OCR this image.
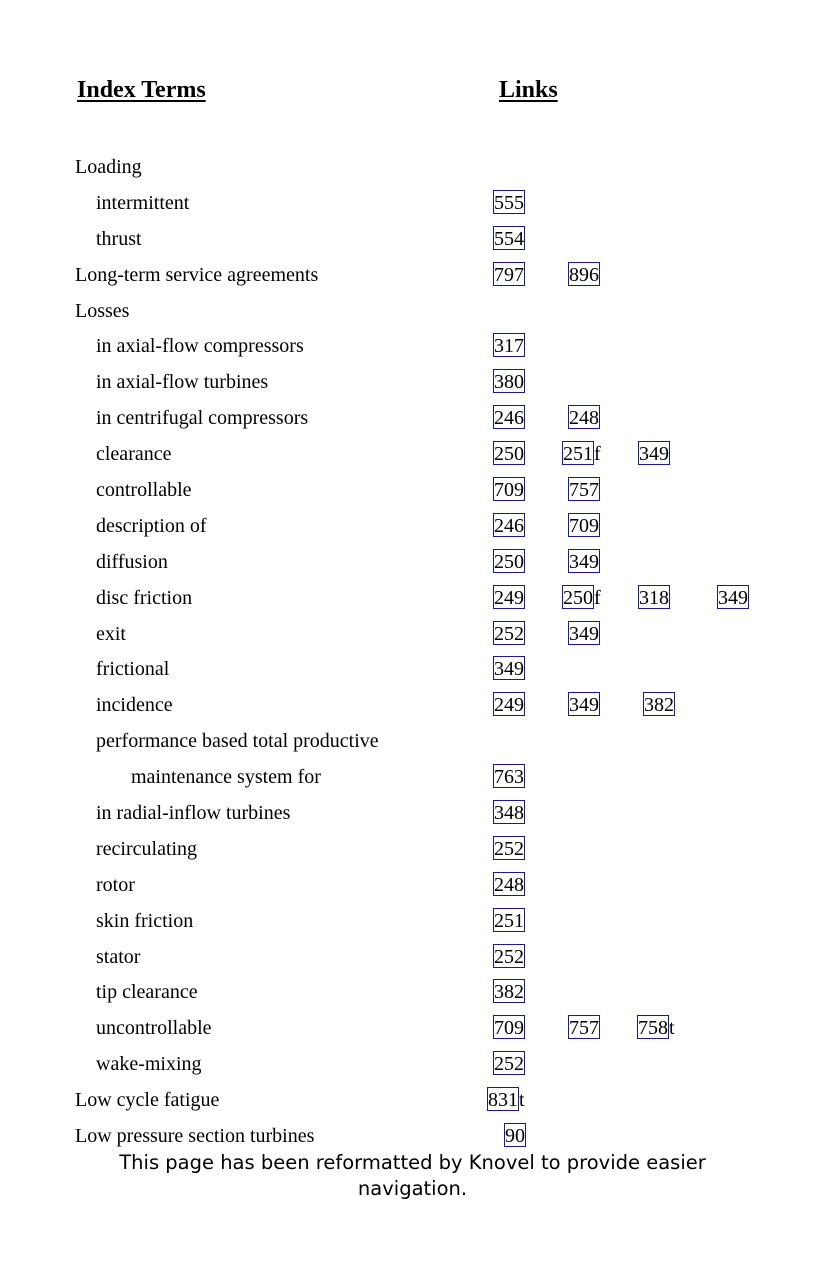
Index Terms	Links
Loading
intermittent	555
thrust	554
Long-term service agreements	797 896
Losses
in axial-flow compressors	317
in axial-flow turbines	380
in centrifugal compressors	246 248
clearance	250 251f 349
controllable	709 757
description of	246 709
diffusion	250 349
disc friction	249 250f 318 349
exit	252 349
frictional	349
incidence	249 349 382
performance based total productive
maintenance system for	763
in radial-inflow turbines	348
recirculating	252
rotor	248
skin friction	251
stator	252
tip clearance	382
uncontrollable	709 757 758t
wake-mixing	252
Low cycle fatigue	831t
Low pressure section turbines	90
This page has been reformatted by Knovel to provide easier
navigation.
